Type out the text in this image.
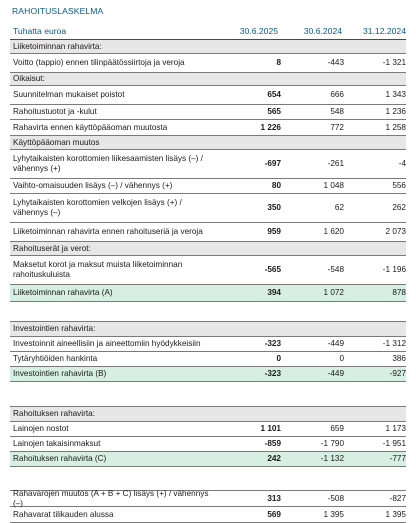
RAHOITUSLASKELMA
Tuhatta euroa	30.6.2025	30.6.2024 31.12.2024
Liiketoiminnan rahavirta:
Voitto (tappio) ennen tilinpäätössiirtoja ja veroja	8	-443	-1 321
Oikaisut:
Suunnitelman mukaiset poistot	654	666	1 343
Rahoitustuotot ja -kulut	565	548	1 236
Rahavirta ennen käyttöpääoman muutosta	1 226	772	1 258
Käyttöpääoman muutos
Lyhytaikaisten korottomien liikesaamisten lisäys (–) / vähennys (+)
-697	-261	-4
Vaihto-omaisuuden lisäys (–) / vähennys (+)	80	1 048	556
Lyhytaikaisten korottomien velkojen lisäys (+) / vähennys (–)
350	62	262
Liiketoiminnan rahavirta ennen rahoituseriä ja veroja	959	1 620	2 073
Rahoituserät ja verot:
Maksetut korot ja maksut muista liiketoiminnan rahoituskuluista
-565	-548	-1 196
Liiketoiminnan rahavirta (A)	394	1 072	878
Investointien rahavirta:
Investoinnit aineellisiin ja aineettomiin hyödykkeisiin	-323	-449	-1 312
Tytäryhtiöiden hankinta	0	0	386
Investointien rahavirta (B)	-323	-449	-927
Rahoituksen rahavirta:
Lainojen nostot	1 101	659	1 173
Lainojen takaisinmaksut	-859	-1 790	-1 951
Rahoituksen rahavirta (C)	242	-1 132	-777
Rahavarojen muutos (A + B + C) lisäys (+) / vähennys (–)
313	-508	-827
Rahavarat tilikauden alussa	569	1 395	1 395
